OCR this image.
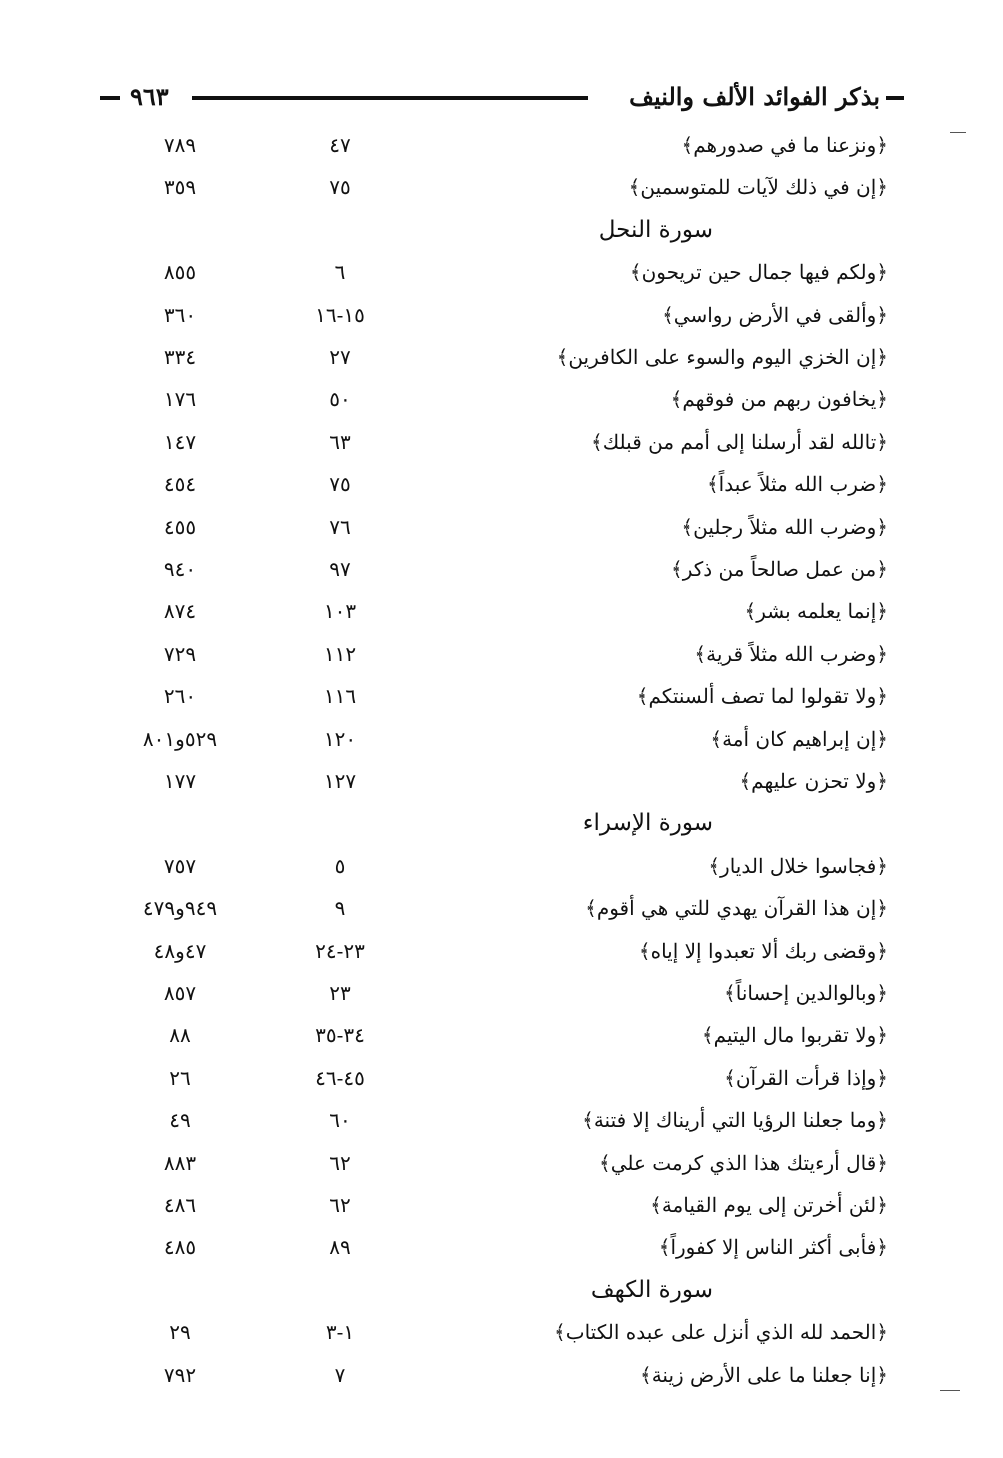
بذكر الفوائد الألف والنيف
٩٦٣
﴿ونزعنا ما في صدورهم﴾
٤٧
٧٨٩
﴿إن في ذلك لآيات للمتوسمين﴾
٧٥
٣٥٩
سورة النحل
﴿ولكم فيها جمال حين تريحون﴾
٦
٨٥٥
﴿وألقى في الأرض رواسي﴾
١٥-١٦
٣٦٠
﴿إن الخزي اليوم والسوء على الكافرين﴾
٢٧
٣٣٤
﴿يخافون ربهم من فوقهم﴾
٥٠
١٧٦
﴿تالله لقد أرسلنا إلى أمم من قبلك﴾
٦٣
١٤٧
﴿ضرب الله مثلاً عبداً﴾
٧٥
٤٥٤
﴿وضرب الله مثلاً رجلين﴾
٧٦
٤٥٥
﴿من عمل صالحاً من ذكر﴾
٩٧
٩٤٠
﴿إنما يعلمه بشر﴾
١٠٣
٨٧٤
﴿وضرب الله مثلاً قرية﴾
١١٢
٧٢٩
﴿ولا تقولوا لما تصف ألسنتكم﴾
١١٦
٢٦٠
﴿إن إبراهيم كان أمة﴾
١٢٠
٥٢٩و٨٠١
﴿ولا تحزن عليهم﴾
١٢٧
١٧٧
سورة الإسراء
﴿فجاسوا خلال الديار﴾
٥
٧٥٧
﴿إن هذا القرآن يهدي للتي هي أقوم﴾
٩
٩٤٩و٤٧٩
﴿وقضى ربك ألا تعبدوا إلا إياه﴾
٢٣-٢٤
٤٧و٤٨
﴿وبالوالدين إحساناً﴾
٢٣
٨٥٧
﴿ولا تقربوا مال اليتيم﴾
٣٤-٣٥
٨٨
﴿وإذا قرأت القرآن﴾
٤٥-٤٦
٢٦
﴿وما جعلنا الرؤيا التي أريناك إلا فتنة﴾
٦٠
٤٩
﴿قال أرءيتك هذا الذي كرمت علي﴾
٦٢
٨٨٣
﴿لئن أخرتن إلى يوم القيامة﴾
٦٢
٤٨٦
﴿فأبى أكثر الناس إلا كفوراً﴾
٨٩
٤٨٥
سورة الكهف
﴿الحمد لله الذي أنزل على عبده الكتاب﴾
١-٣
٢٩
﴿إنا جعلنا ما على الأرض زينة﴾
٧
٧٩٢
